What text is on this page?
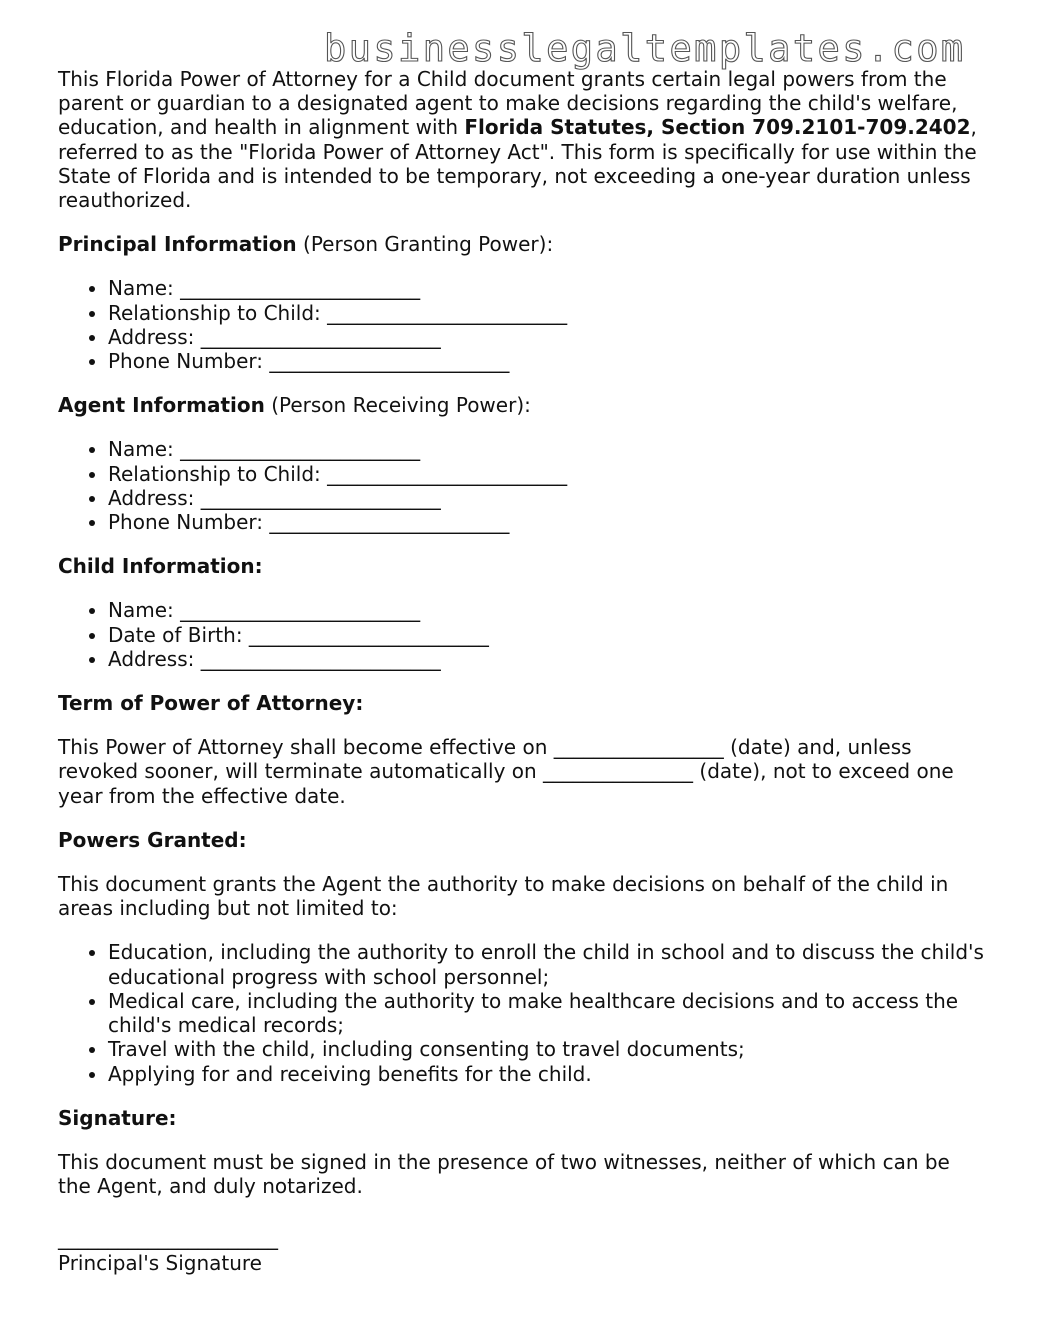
businesslegaltemplates.com

This Florida Power of Attorney for a Child document grants certain legal powers from the parent or guardian to a designated agent to make decisions regarding the child's welfare, education, and health in alignment with Florida Statutes, Section 709.2101-709.2402, referred to as the "Florida Power of Attorney Act". This form is specifically for use within the State of Florida and is intended to be temporary, not exceeding a one-year duration unless reauthorized.

Principal Information (Person Granting Power):

• Name: ________________________
• Relationship to Child: ________________________
• Address: ________________________
• Phone Number: ________________________

Agent Information (Person Receiving Power):

• Name: ________________________
• Relationship to Child: ________________________
• Address: ________________________
• Phone Number: ________________________

Child Information:

• Name: ________________________
• Date of Birth: ________________________
• Address: ________________________

Term of Power of Attorney:

This Power of Attorney shall become effective on _________________ (date) and, unless revoked sooner, will terminate automatically on _______________ (date), not to exceed one year from the effective date.

Powers Granted:

This document grants the Agent the authority to make decisions on behalf of the child in areas including but not limited to:

• Education, including the authority to enroll the child in school and to discuss the child's educational progress with school personnel;
• Medical care, including the authority to make healthcare decisions and to access the child's medical records;
• Travel with the child, including consenting to travel documents;
• Applying for and receiving benefits for the child.

Signature:

This document must be signed in the presence of two witnesses, neither of which can be the Agent, and duly notarized.

______________________
Principal's Signature
